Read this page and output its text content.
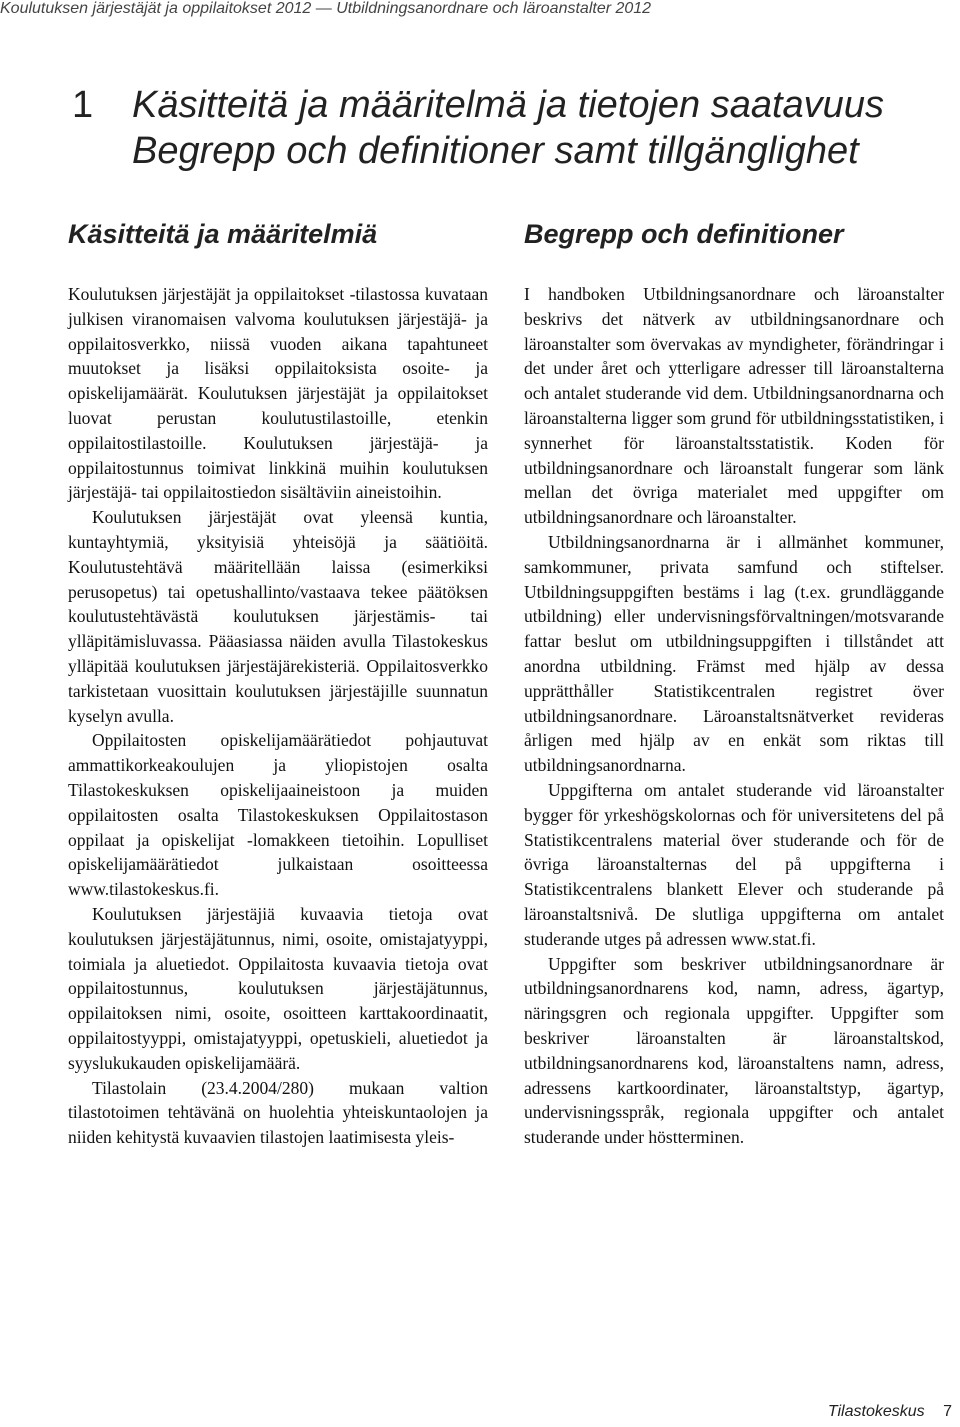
Koulutuksen järjestäjät ja oppilaitokset 2012 — Utbildningsanordnare och läroanstalter 2012
1 Käsitteitä ja määritelmä ja tietojen saatavuus
Begrepp och definitioner samt tillgänglighet
Käsitteitä ja määritelmiä

Koulutuksen järjestäjät ja oppilaitokset -tilastossa kuvataan julkisen viranomaisen valvoma koulutuksen järjestäjä- ja oppilaitosverkko, niissä vuoden aikana tapahtuneet muutokset ja lisäksi oppilaitoksista osoite- ja opiskelijamäärät. Koulutuksen järjestäjät ja oppilaitokset luovat perustan koulutustilastoille, etenkin oppilaitostilastoille. Koulutuksen järjestäjä- ja oppilaitostunnus toimivat linkkinä muihin koulutuksen järjestäjä- tai oppilaitostiedon sisältäviin aineistoihin.

Koulutuksen järjestäjät ovat yleensä kuntia, kuntayhtymiä, yksityisiä yhteisöjä ja säätiöitä. Koulutustehtävä määritellään laissa (esimerkiksi perusopetus) tai opetushallinto/vastaava tekee päätöksen koulutustehtävästä koulutuksen järjestämis- tai ylläpitämisluvassa. Pääasiassa näiden avulla Tilastokeskus ylläpitää koulutuksen järjestäjärekisteriä. Oppilaitosverkko tarkistetaan vuosittain koulutuksen järjestäjille suunnatun kyselyn avulla.

Oppilaitosten opiskelijamäärätiedot pohjautuvat ammattikorkeakoulujen ja yliopistojen osalta Tilastokeskuksen opiskelijaaineistoon ja muiden oppilaitosten osalta Tilastokeskuksen Oppilaitostason oppilaat ja opiskelijat -lomakkeen tietoihin. Lopulliset opiskelijamäärätiedot julkaistaan osoitteessa www.tilastokeskus.fi.

Koulutuksen järjestäjiä kuvaavia tietoja ovat koulutuksen järjestäjätunnus, nimi, osoite, omistajatyyppi, toimiala ja aluetiedot. Oppilaitosta kuvaavia tietoja ovat oppilaitostunnus, koulutuksen järjestäjätunnus, oppilaitoksen nimi, osoite, osoitteen karttakoordinaatit, oppilaitostyyppi, omistajatyyppi, opetuskieli, aluetiedot ja syyslukukauden opiskelijamäärä.

Tilastolain (23.4.2004/280) mukaan valtion tilastotoimen tehtävänä on huolehtia yhteiskuntaolojen ja niiden kehitystä kuvaavien tilastojen laatimisesta yleis-

Begrepp och definitioner

I handboken Utbildningsanordnare och läroanstalter beskrivs det nätverk av utbildningsanordnare och läroanstalter som övervakas av myndigheter, förändringar i det under året och ytterligare adresser till läroanstalterna och antalet studerande vid dem. Utbildningsanordnarna och läroanstalterna ligger som grund för utbildningsstatistiken, i synnerhet för läroanstaltsstatistik. Koden för utbildningsanordnare och läroanstalt fungerar som länk mellan det övriga materialet med uppgifter om utbildningsanordnare och läroanstalter.

Utbildningsanordnarna är i allmänhet kommuner, samkommuner, privata samfund och stiftelser. Utbildningsuppgiften bestäms i lag (t.ex. grundläggande utbildning) eller undervisningsförvaltningen/motsvarande fattar beslut om utbildningsuppgiften i tillståndet att anordna utbildning. Främst med hjälp av dessa upprätthåller Statistikcentralen registret över utbildningsanordnare. Läroanstaltsnätverket revideras årligen med hjälp av en enkät som riktas till utbildningsanordnarna.

Uppgifterna om antalet studerande vid läroanstalter bygger för yrkeshögskolornas och för universitetens del på Statistikcentralens material över studerande och för de övriga läroanstalternas del på uppgifterna i Statistikcentralens blankett Elever och studerande på läroanstaltsnivå. De slutliga uppgifterna om antalet studerande utges på adressen www.stat.fi.

Uppgifter som beskriver utbildningsanordnare är utbildningsanordnarens kod, namn, adress, ägartyp, näringsgren och regionala uppgifter. Uppgifter som beskriver läroanstalten är läroanstaltskod, utbildningsanordnarens kod, läroanstaltens namn, adress, adressens kartkoordinater, läroanstaltstyp, ägartyp, undervisningsspråk, regionala uppgifter och antalet studerande under höstterminen.

Tilastokeskus 7
